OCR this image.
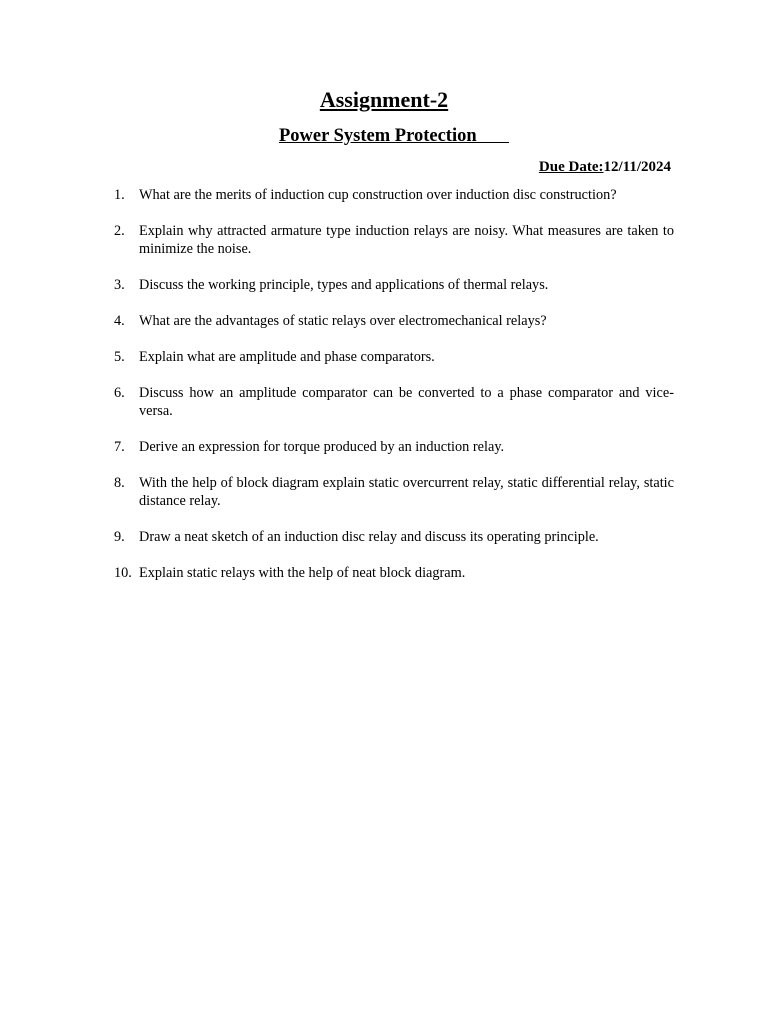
Assignment-2
Power System Protection
Due Date:12/11/2024
1. What are the merits of induction cup construction over induction disc construction?
2. Explain why attracted armature type induction relays are noisy. What measures are taken to minimize the noise.
3. Discuss the working principle, types and applications of thermal relays.
4. What are the advantages of static relays over electromechanical relays?
5. Explain what are amplitude and phase comparators.
6. Discuss how an amplitude comparator can be converted to a phase comparator and vice-versa.
7. Derive an expression for torque produced by an induction relay.
8. With the help of block diagram explain static overcurrent relay, static differential relay, static distance relay.
9. Draw a neat sketch of an induction disc relay and discuss its operating principle.
10. Explain static relays with the help of neat block diagram.
